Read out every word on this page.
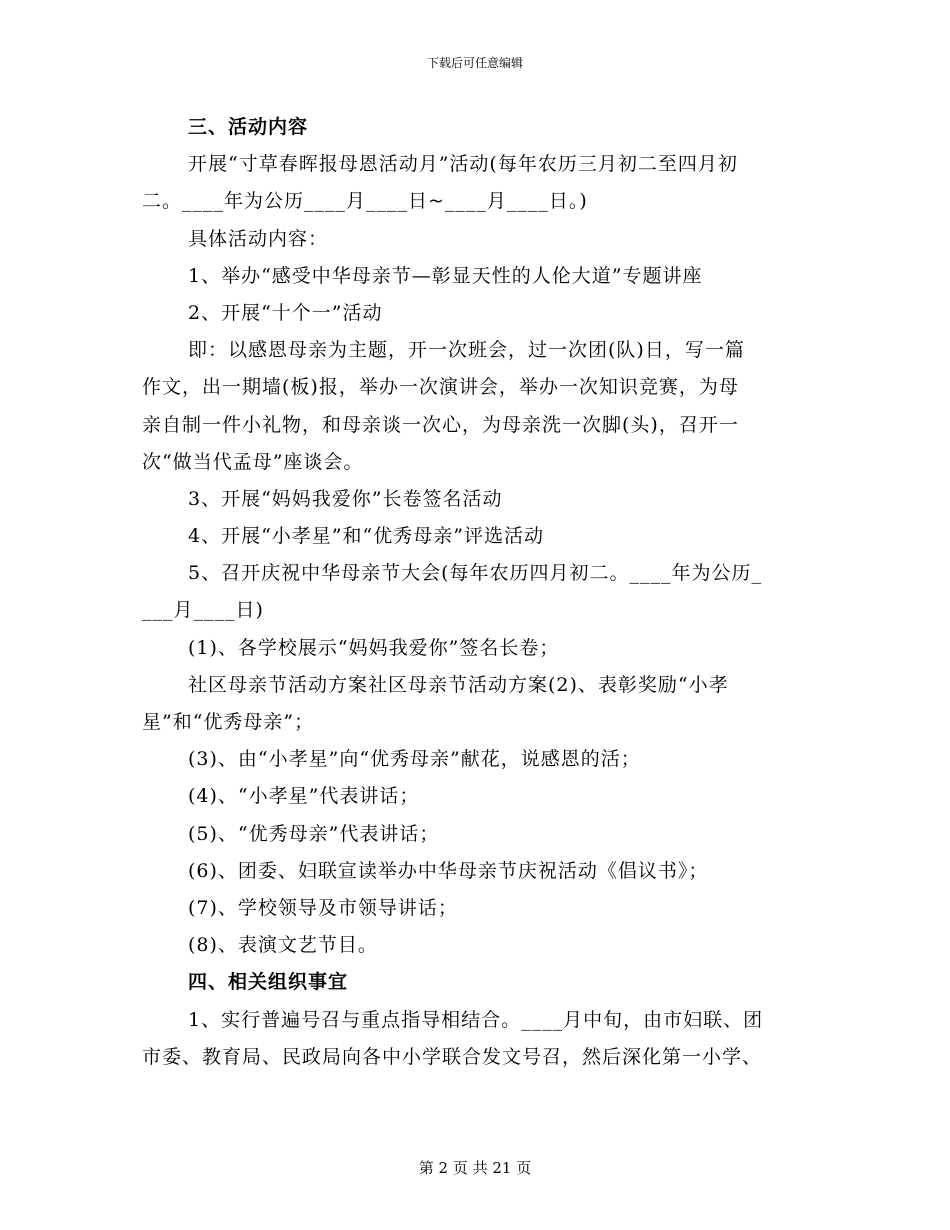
下载后可任意编辑
三、活动内容
开展“寸草春晖报母恩活动月”活动(每年农历三月初二至四月初
二。____年为公历____月____日~____月____日。)
具体活动内容：
1、举办“感受中华母亲节—彰显天性的人伦大道”专题讲座
2、开展“十个一”活动
即：以感恩母亲为主题，开一次班会，过一次团(队)日，写一篇
作文，出一期墙(板)报，举办一次演讲会，举办一次知识竞赛，为母
亲自制一件小礼物，和母亲谈一次心，为母亲洗一次脚(头)，召开一
次“做当代孟母”座谈会。
3、开展“妈妈我爱你”长卷签名活动
4、开展“小孝星”和“优秀母亲”评选活动
5、召开庆祝中华母亲节大会(每年农历四月初二。____年为公历_
___月____日)
(1)、各学校展示“妈妈我爱你”签名长卷；
社区母亲节活动方案社区母亲节活动方案(2)、表彰奖励“小孝
星”和“优秀母亲”；
(3)、由“小孝星”向“优秀母亲”献花，说感恩的活；
(4)、“小孝星”代表讲话；
(5)、“优秀母亲”代表讲话；
(6)、团委、妇联宣读举办中华母亲节庆祝活动《倡议书》；
(7)、学校领导及市领导讲话；
(8)、表演文艺节目。
四、相关组织事宜
1、实行普遍号召与重点指导相结合。____月中旬，由市妇联、团
市委、教育局、民政局向各中小学联合发文号召，然后深化第一小学、
第 2 页 共 21 页
